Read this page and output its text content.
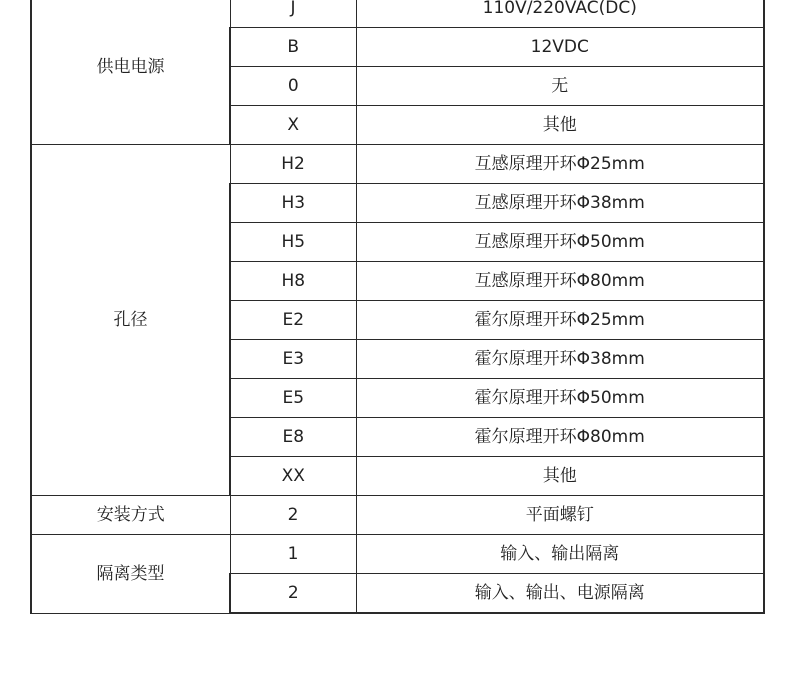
供电电源	J	110V/220VAC(DC)
	B	12VDC
	0	无
	X	其他
孔径	H2	互感原理开环Φ25mm
	H3	互感原理开环Φ38mm
	H5	互感原理开环Φ50mm
	H8	互感原理开环Φ80mm
	E2	霍尔原理开环Φ25mm
	E3	霍尔原理开环Φ38mm
	E5	霍尔原理开环Φ50mm
	E8	霍尔原理开环Φ80mm
	XX	其他
安装方式	2	平面螺钉
隔离类型	1	输入、输出隔离
	2	输入、输出、电源隔离
